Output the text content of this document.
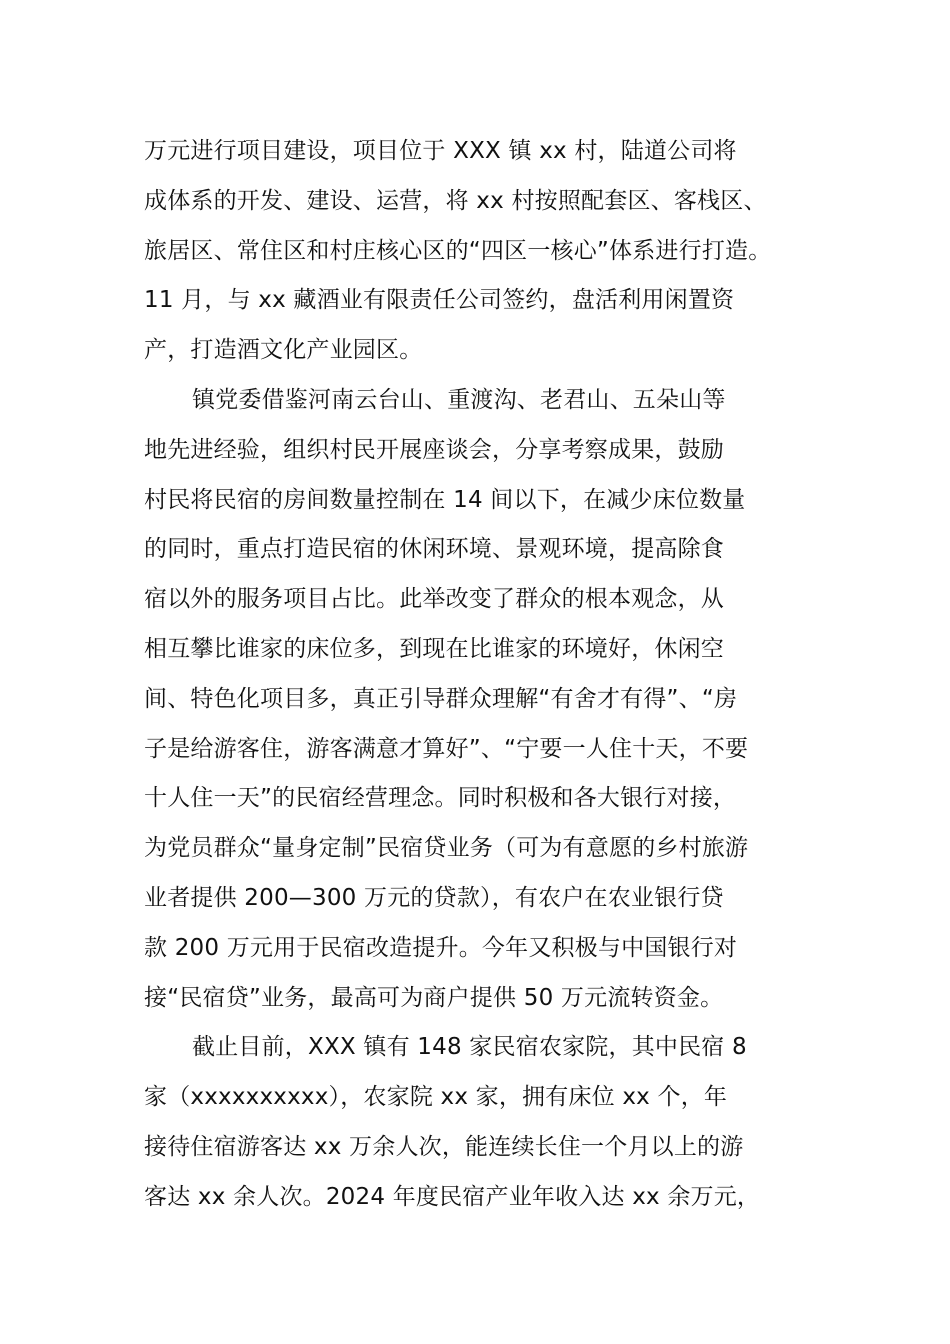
万元进行项目建设，项目位于 XXX 镇 xx 村，陆道公司将
成体系的开发、建设、运营，将 xx 村按照配套区、客栈区、
旅居区、常住区和村庄核心区的“四区一核心”体系进行打造。
11 月，与 xx 藏酒业有限责任公司签约，盘活利用闲置资
产，打造酒文化产业园区。
镇党委借鉴河南云台山、重渡沟、老君山、五朵山等
地先进经验，组织村民开展座谈会，分享考察成果，鼓励
村民将民宿的房间数量控制在 14 间以下，在减少床位数量
的同时，重点打造民宿的休闲环境、景观环境，提高除食
宿以外的服务项目占比。此举改变了群众的根本观念，从
相互攀比谁家的床位多，到现在比谁家的环境好，休闲空
间、特色化项目多，真正引导群众理解“有舍才有得”、“房
子是给游客住，游客满意才算好”、“宁要一人住十天，不要
十人住一天”的民宿经营理念。同时积极和各大银行对接，
为党员群众“量身定制”民宿贷业务（可为有意愿的乡村旅游
业者提供 200—300 万元的贷款），有农户在农业银行贷
款 200 万元用于民宿改造提升。今年又积极与中国银行对
接“民宿贷”业务，最高可为商户提供 50 万元流转资金。
截止目前，XXX 镇有 148 家民宿农家院，其中民宿 8
家（xxxxxxxxxx），农家院 xx 家，拥有床位 xx 个，年
接待住宿游客达 xx 万余人次，能连续长住一个月以上的游
客达 xx 余人次。2024 年度民宿产业年收入达 xx 余万元，
